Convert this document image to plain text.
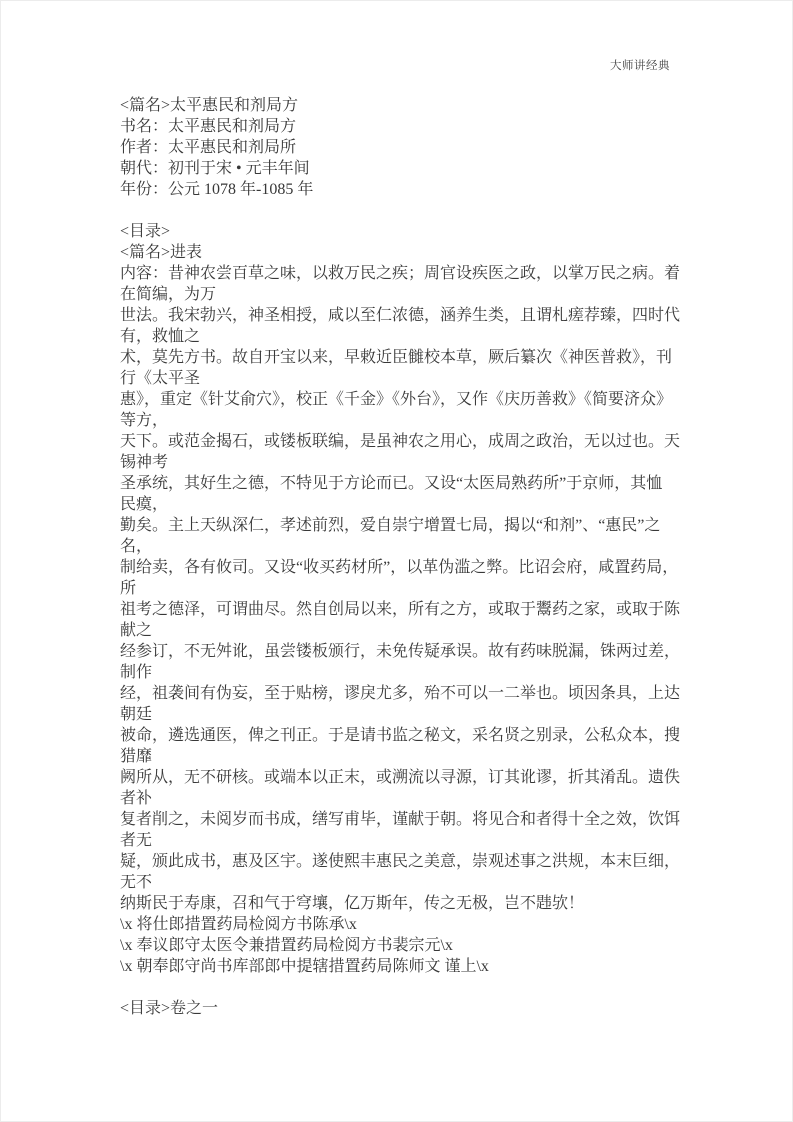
大师讲经典
<篇名>太平惠民和剂局方
书名：太平惠民和剂局方
作者：太平惠民和剂局所
朝代：初刊于宋 • 元丰年间
年份：公元 1078 年-1085 年
<目录>
<篇名>进表
内容：昔神农尝百草之味，以救万民之疾；周官设疾医之政，以掌万民之病。着
在简编，为万
世法。我宋勃兴，神圣相授，咸以至仁浓德，涵养生类，且谓札瘥荐臻，四时代
有，救恤之
术，莫先方书。故自开宝以来，早敕近臣雠校本草，厥后纂次《神医普救》，刊
行《太平圣
惠》，重定《针艾俞穴》，校正《千金》《外台》，又作《庆历善救》《简要济众》
等方，
天下。或范金揭石，或镂板联编，是虽神农之用心，成周之政治，无以过也。天
锡神考
圣承统，其好生之德，不特见于方论而已。又设“太医局熟药所”于京师，其恤
民瘼，
勤矣。主上天纵深仁，孝述前烈，爱自崇宁增置七局，揭以“和剂”、“惠民”之
名，
制给卖，各有攸司。又设“收买药材所”，以革伪滥之弊。比诏会府，咸置药局，
所
祖考之德泽，可谓曲尽。然自创局以来，所有之方，或取于鬻药之家，或取于陈
献之
经参订，不无舛讹，虽尝镂板颁行，未免传疑承误。故有药味脱漏，铢两过差，
制作
经，祖袭间有伪妄，至于贴榜，谬戾尤多，殆不可以一二举也。顷因条具，上达
朝廷
被命，遴选通医，俾之刊正。于是请书监之秘文，采名贤之别录，公私众本，搜
猎靡
阙所从，无不研核。或端本以正末，或溯流以寻源，订其讹谬，折其淆乱。遗佚
者补
复者削之，未阅岁而书成，缮写甫毕，谨献于朝。将见合和者得十全之效，饮饵
者无
疑，颁此成书，惠及区宇。遂使熙丰惠民之美意，崇观述事之洪规，本末巨细，
无不
纳斯民于寿康，召和气于穹壤，亿万斯年，传之无极，岂不韪欤！
\x 将仕郎措置药局检阅方书陈承\x
\x 奉议郎守太医令兼措置药局检阅方书裴宗元\x
\x 朝奉郎守尚书库部郎中提辖措置药局陈师文 谨上\x
<目录>卷之一
